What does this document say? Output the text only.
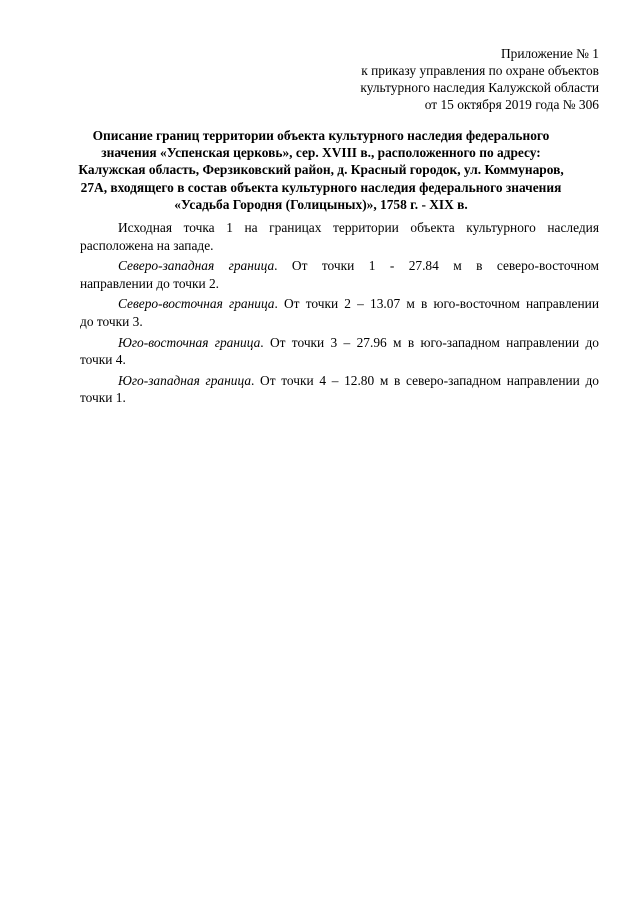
Приложение № 1
к приказу управления по охране объектов
культурного наследия Калужской области
от 15 октября 2019 года № 306
Описание границ территории объекта культурного наследия федерального
значения «Успенская церковь», сер. XVIII в., расположенного по адресу:
Калужская область, Ферзиковский район, д. Красный городок, ул. Коммунаров,
27А, входящего в состав объекта культурного наследия федерального значения
«Усадьба Городня (Голицыных)», 1758 г. - XIX в.
Исходная точка 1 на границах территории объекта культурного наследия
расположена на западе.
Северо-западная граница. От точки 1 - 27.84 м в северо-восточном
направлении до точки 2.
Северо-восточная граница. От точки 2 – 13.07 м в юго-восточном направлении
до точки 3.
Юго-восточная граница. От точки 3 – 27.96 м в юго-западном направлении до
точки 4.
Юго-западная граница. От точки 4 – 12.80 м в северо-западном направлении до
точки 1.
